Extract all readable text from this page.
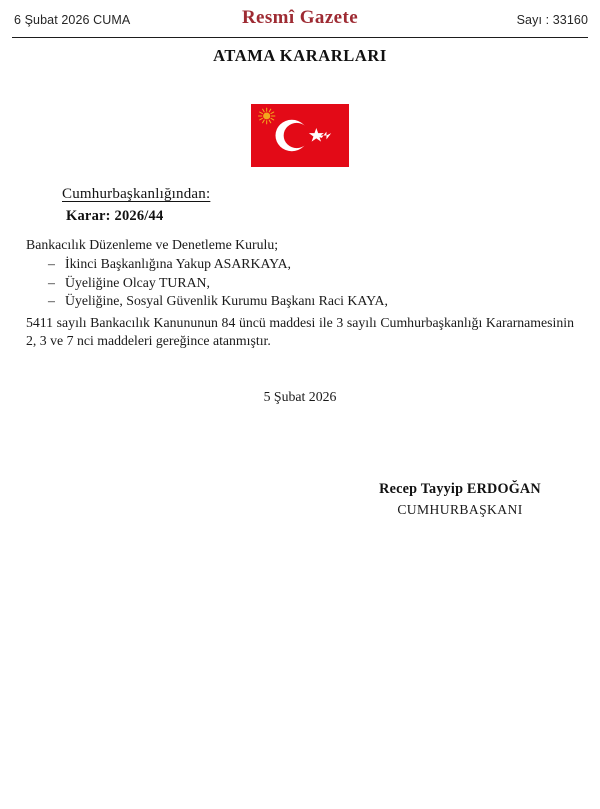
6 Şubat 2026 CUMA	Resmî Gazete	Sayı : 33160
ATAMA KARARLARI
Cumhurbaşkanlığından:
Karar: 2026/44
Bankacılık Düzenleme ve Denetleme Kurulu;
– İkinci Başkanlığına Yakup ASARKAYA,
– Üyeliğine Olcay TURAN,
– Üyeliğine, Sosyal Güvenlik Kurumu Başkanı Raci KAYA,
5411 sayılı Bankacılık Kanununun 84 üncü maddesi ile 3 sayılı Cumhurbaşkanlığı Kararnamesinin 2, 3 ve 7 nci maddeleri gereğince atanmıştır.
5 Şubat 2026
Recep Tayyip ERDOĞAN
CUMHURBAŞKANI
